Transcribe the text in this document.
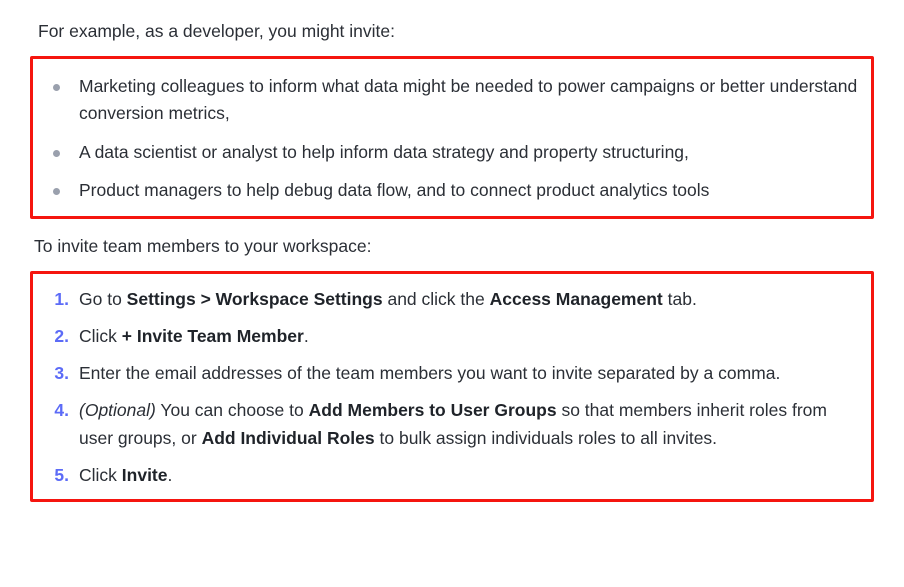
For example, as a developer, you might invite:

Marketing colleagues to inform what data might be needed to power campaigns or better understand conversion metrics,
A data scientist or analyst to help inform data strategy and property structuring,
Product managers to help debug data flow, and to connect product analytics tools

To invite team members to your workspace:

1. Go to Settings > Workspace Settings and click the Access Management tab.
2. Click + Invite Team Member.
3. Enter the email addresses of the team members you want to invite separated by a comma.
4. (Optional) You can choose to Add Members to User Groups so that members inherit roles from user groups, or Add Individual Roles to bulk assign individuals roles to all invites.
5. Click Invite.
